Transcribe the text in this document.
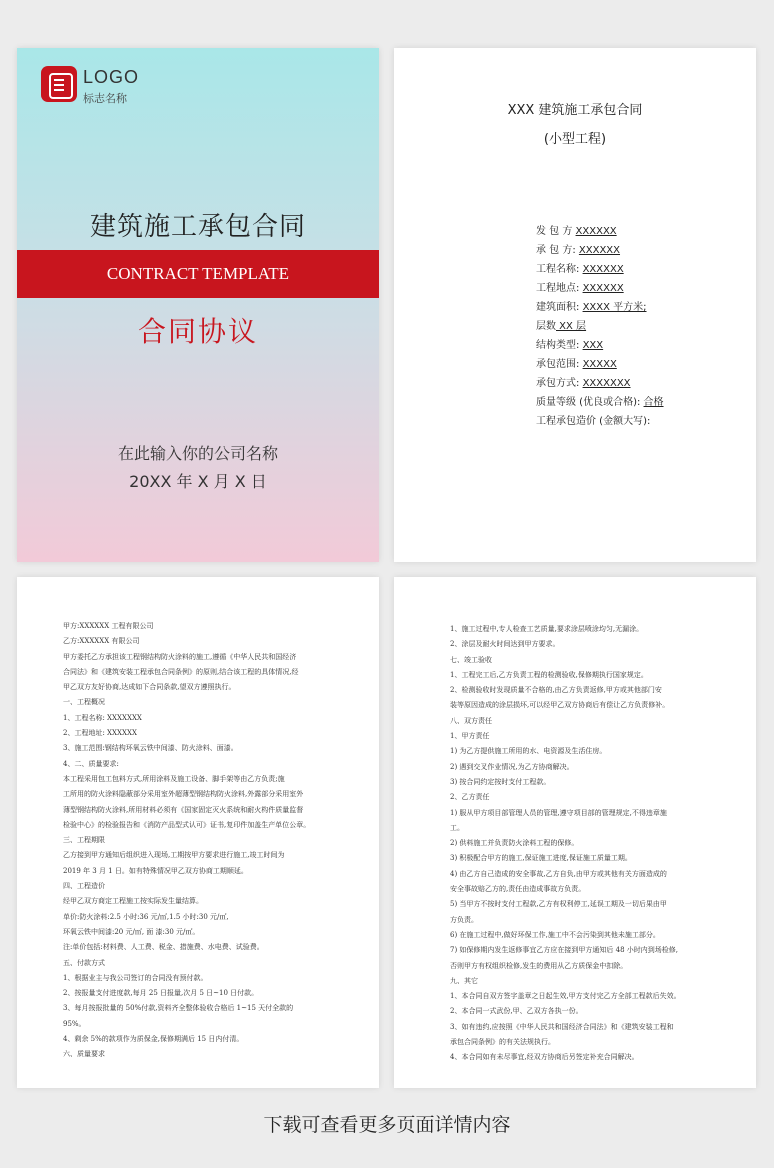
LOGO
标志名称
建筑施工承包合同
CONTRACT TEMPLATE
合同协议
在此输入你的公司名称
20XX 年 X 月 X 日
XXX 建筑施工承包合同
(小型工程)
发 包 方 XXXXXX
承 包 方: XXXXXX
工程名称: XXXXXX
工程地点: XXXXXX
建筑面积: XXXX 平方米;
层数 XX 层
结构类型: XXX
承包范围: XXXXX
承包方式: XXXXXXX
质量等级 (优良或合格): 合格
工程承包造价 (金额大写):
甲方:XXXXXX 工程有限公司
乙方:XXXXXX 有限公司
甲方委托乙方承担该工程钢结构防火涂料的施工,遵循《中华人民共和国经济
合同法》和《建筑安装工程承包合同条例》的原则,结合该工程的具体情况,经
甲乙双方友好协商,达成如下合同条款,望双方遵照执行。
一、工程概况
1、工程名称: XXXXXXX
2、工程地址: XXXXXX
3、施工范围:钢结构环氧云铁中间漆、防火涂料、面漆。
4、二、质量要求:
本工程采用包工包料方式,所用涂料及施工设备、脚手架等由乙方负责;施
工所用的防火涂料隐蔽部分采用室外超薄型钢结构防火涂料,外露部分采用室外
薄型钢结构防火涂料,所用材料必须有《国家固定灭火系统和耐火构件质量监督
检验中心》的检验报告和《消防产品型式认可》证书,复印件加盖生产单位公章。
三、工程期限
乙方接到甲方通知后组织进入现场,工期按甲方要求进行施工,竣工时间为
2019 年 3 月 1 日。如有特殊情况甲乙双方协商工期顺延。
四、工程造价
经甲乙双方商定工程施工按实际发生量结算。
单价:防火涂料:2.5 小时:36 元/㎡,1.5 小时:30 元/㎡,
环氧云铁中间漆:20 元/㎡, 面 漆:30 元/㎡。
注:单价包括:材料费、人工费、税金、措施费、水电费、试验费。
五、付款方式
1、根据业主与我公司签订的合同没有预付款。
2、按报量支付进度款,每月 25 日报量,次月 5 日~10 日付款。
3、每月按报批量的 50%付款,资料齐全整体验收合格后 1~15 天付全款的
95%。
4、剩余 5%的款项作为质保金,保修期满后 15 日内付清。
六、质量要求
1、施工过程中,专人检查工艺质量,要求涂层喷涂均匀,无漏涂。
2、涂层及耐火时间达到甲方要求。
七、竣工验收
1、工程完工后,乙方负责工程的检测验收,保修期执行国家规定。
2、检测验收时发现质量不合格的,由乙方负责返修,甲方或其他部门安
装等原因造成的涂层损坏,可以经甲乙双方协商后有偿让乙方负责修补。
八、双方责任
1、甲方责任
1) 为乙方提供施工所用的水、电资源及生活住房。
2) 遇到交叉作业情况,为乙方协商解决。
3) 按合同约定按时支付工程款。
2、乙方责任
1) 服从甲方项目部管理人员的管理,遵守项目部的管理规定,不得违章施
工。
2) 供料施工并负责防火涂料工程的保修。
3) 积极配合甲方的施工,保证施工进度,保证施工质量工期。
4) 由乙方自己造成的安全事故,乙方自负,由甲方或其他有关方面造成的
安全事故赔乙方的,责任由造成事故方负责。
5) 当甲方不按时支付工程款,乙方有权利停工,延误工期及一切后果由甲
方负责。
6) 在施工过程中,做好环保工作,施工中不会污染到其他未施工部分。
7) 如保修期内发生返修事宜乙方应在接到甲方通知后 48 小时内到场检修,
否则甲方有权组织检修,发生的费用从乙方质保金中扣除。
九、其它
1、本合同自双方签字盖章之日起生效,甲方支付完乙方全部工程款后失效。
2、本合同一式武份,甲、乙双方各执一份。
3、如有违约,应按照《中华人民共和国经济合同法》和《建筑安装工程和
承包合同条例》的有关法规执行。
4、本合同如有未尽事宜,经双方协商后另签定补充合同解决。
下载可查看更多页面详情内容
